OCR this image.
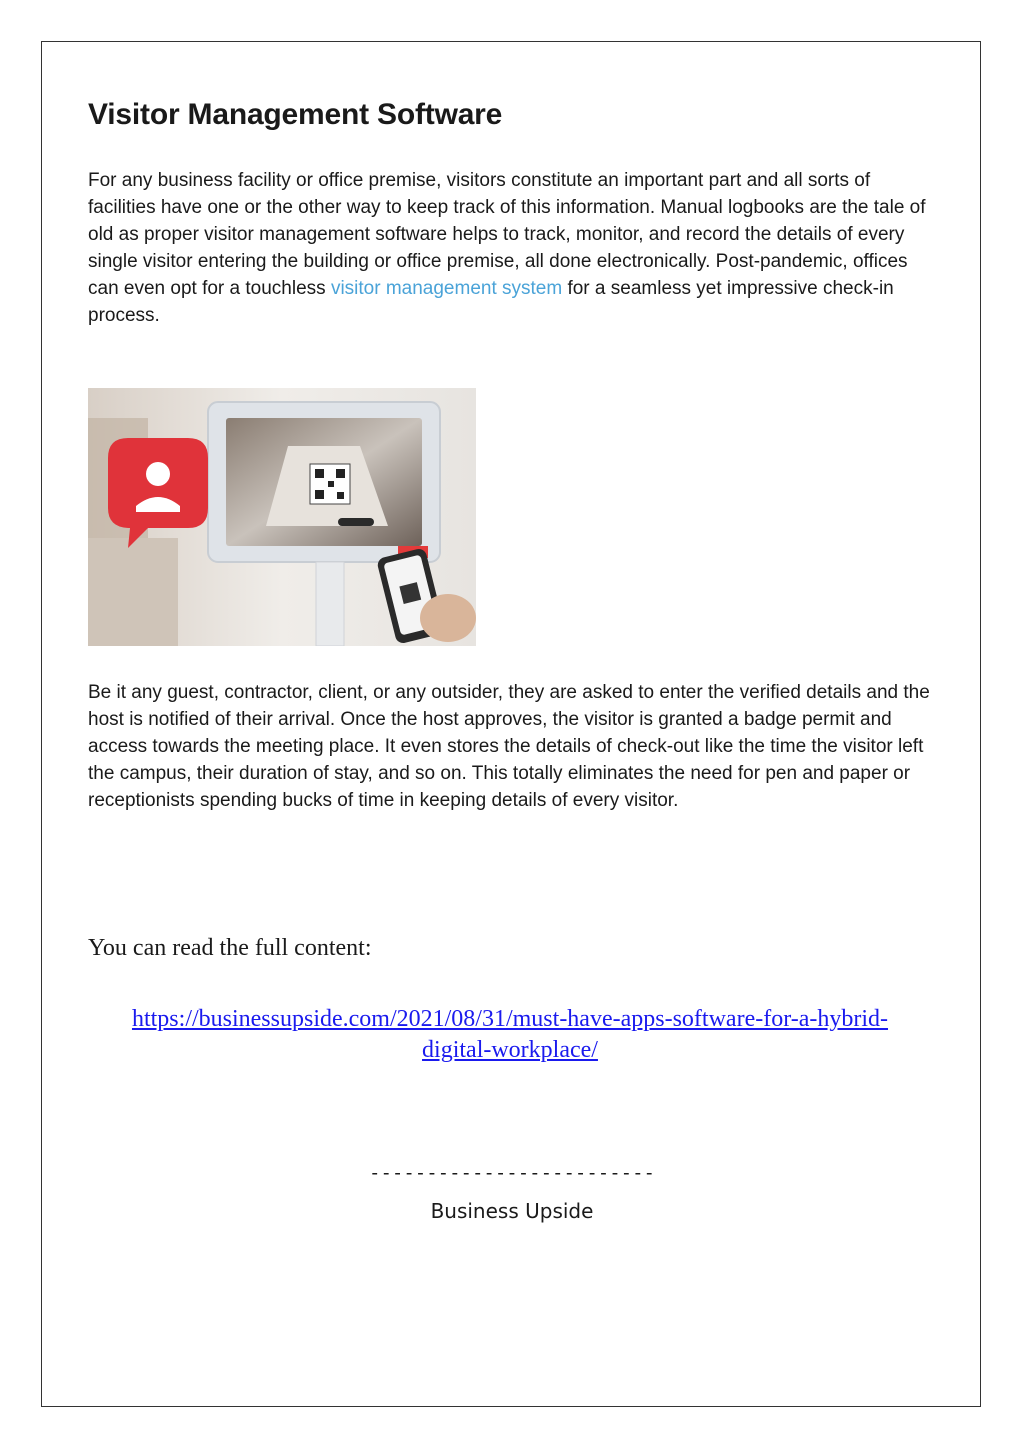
Visitor Management Software

For any business facility or office premise, visitors constitute an important part and all sorts of facilities have one or the other way to keep track of this information. Manual logbooks are the tale of old as proper visitor management software helps to track, monitor, and record the details of every single visitor entering the building or office premise, all done electronically. Post-pandemic, offices can even opt for a touchless visitor management system for a seamless yet impressive check-in process.

Be it any guest, contractor, client, or any outsider, they are asked to enter the verified details and the host is notified of their arrival. Once the host approves, the visitor is granted a badge permit and access towards the meeting place. It even stores the details of check-out like the time the visitor left the campus, their duration of stay, and so on. This totally eliminates the need for pen and paper or receptionists spending bucks of time in keeping details of every visitor.

You can read the full content:

https://businessupside.com/2021/08/31/must-have-apps-software-for-a-hybrid-digital-workplace/

-------------------------

Business Upside
